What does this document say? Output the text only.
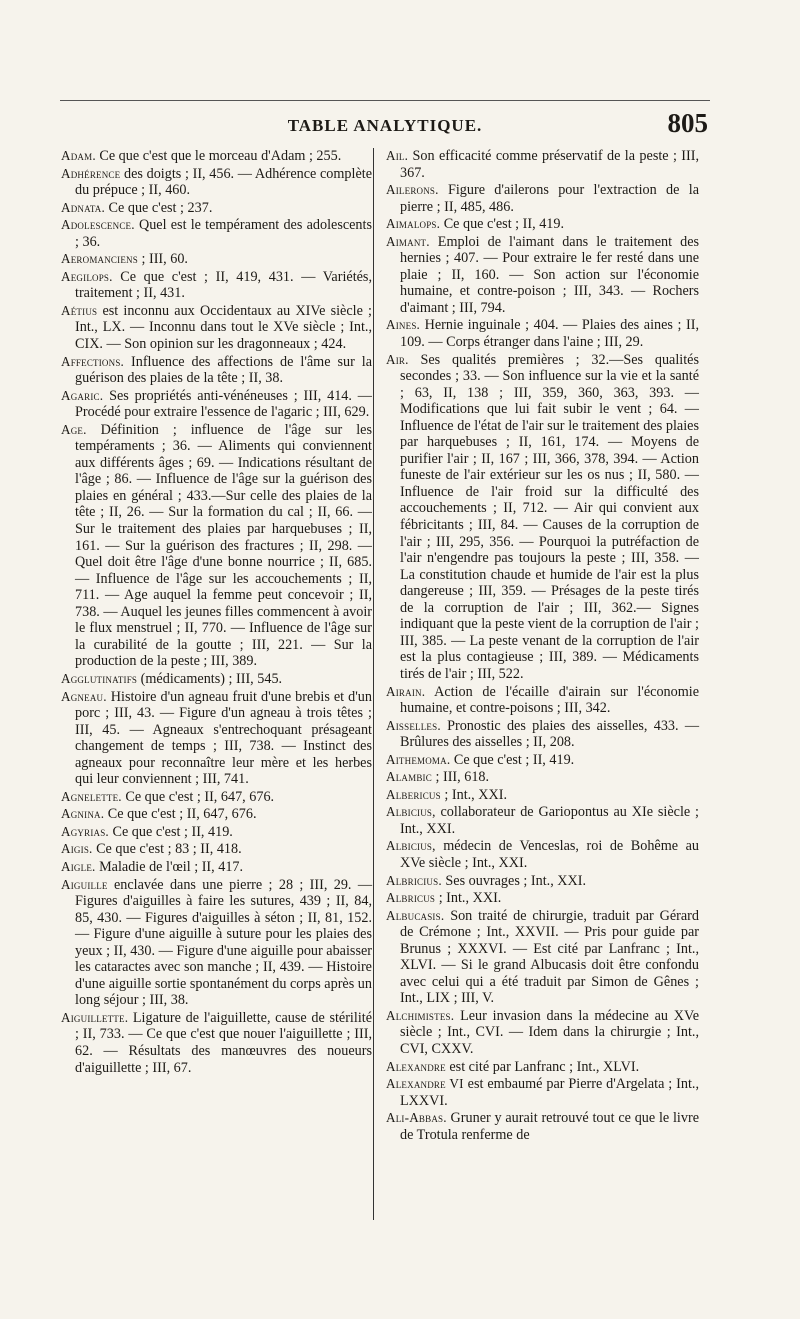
TABLE ANALYTIQUE.	805

Adam. Ce que c'est que le morceau d'Adam ; 255.

Adhérence des doigts ; II, 456. — Adhérence complète du prépuce ; II, 460.

Adnata. Ce que c'est ; 237.

Adolescence. Quel est le tempérament des adolescents ; 36.

Aeromanciens ; III, 60.

Aegilops. Ce que c'est ; II, 419, 431. — Variétés, traitement ; II, 431.

Aétius est inconnu aux Occidentaux au XIVe siècle ; Int., LX. — Inconnu dans tout le XVe siècle ; Int., CIX. — Son opinion sur les dragonneaux ; 424.

Affections. Influence des affections de l'âme sur la guérison des plaies de la tête ; II, 38.

Agaric. Ses propriétés anti-vénéneuses ; III, 414. — Procédé pour extraire l'essence de l'agaric ; III, 629.

Age. Définition ; influence de l'âge sur les tempéraments ; 36. — Aliments qui conviennent aux différents âges ; 69. — Indications résultant de l'âge ; 86. — Influence de l'âge sur la guérison des plaies en général ; 433.—Sur celle des plaies de la tête ; II, 26. — Sur la formation du cal ; II, 66. — Sur le traitement des plaies par harquebuses ; II, 161. — Sur la guérison des fractures ; II, 298. — Quel doit être l'âge d'une bonne nourrice ; II, 685. — Influence de l'âge sur les accouchements ; II, 711. — Age auquel la femme peut concevoir ; II, 738. — Auquel les jeunes filles commencent à avoir le flux menstruel ; II, 770. — Influence de l'âge sur la curabilité de la goutte ; III, 221. — Sur la production de la peste ; III, 389.

Agglutinatifs (médicaments) ; III, 545.

Agneau. Histoire d'un agneau fruit d'une brebis et d'un porc ; III, 43. — Figure d'un agneau à trois têtes ; III, 45. — Agneaux s'entrechoquant présageant changement de temps ; III, 738. — Instinct des agneaux pour reconnaître leur mère et les herbes qui leur conviennent ; III, 741.

Agnelette. Ce que c'est ; II, 647, 676.

Agnina. Ce que c'est ; II, 647, 676.

Agyrias. Ce que c'est ; II, 419.

Aigis. Ce que c'est ; 83 ; II, 418.

Aigle. Maladie de l'œil ; II, 417.

Aiguille enclavée dans une pierre ; 28 ; III, 29. — Figures d'aiguilles à faire les sutures, 439 ; II, 84, 85, 430. — Figures d'aiguilles à séton ; II, 81, 152. — Figure d'une aiguille à suture pour les plaies des yeux ; II, 430. — Figure d'une aiguille pour abaisser les cataractes avec son manche ; II, 439. — Histoire d'une aiguille sortie spontanément du corps après un long séjour ; III, 38.

Aiguillette. Ligature de l'aiguillette, cause de stérilité ; II, 733. — Ce que c'est que nouer l'aiguillette ; III, 62. — Résultats des manœuvres des noueurs d'aiguillette ; III, 67.

Ail. Son efficacité comme préservatif de la peste ; III, 367.

Ailerons. Figure d'ailerons pour l'extraction de la pierre ; II, 485, 486.

Aimalops. Ce que c'est ; II, 419.

Aimant. Emploi de l'aimant dans le traitement des hernies ; 407. — Pour extraire le fer resté dans une plaie ; II, 160. — Son action sur l'économie humaine, et contre-poison ; III, 343. — Rochers d'aimant ; III, 794.

Aines. Hernie inguinale ; 404. — Plaies des aines ; II, 109. — Corps étranger dans l'aine ; III, 29.

Air. Ses qualités premières ; 32.—Ses qualités secondes ; 33. — Son influence sur la vie et la santé ; 63, II, 138 ; III, 359, 360, 363, 393. — Modifications que lui fait subir le vent ; 64. — Influence de l'état de l'air sur le traitement des plaies par harquebuses ; II, 161, 174. — Moyens de purifier l'air ; II, 167 ; III, 366, 378, 394. — Action funeste de l'air extérieur sur les os nus ; II, 580. — Influence de l'air froid sur la difficulté des accouchements ; II, 712. — Air qui convient aux fébricitants ; III, 84. — Causes de la corruption de l'air ; III, 295, 356. — Pourquoi la putréfaction de l'air n'engendre pas toujours la peste ; III, 358. — La constitution chaude et humide de l'air est la plus dangereuse ; III, 359. — Présages de la peste tirés de la corruption de l'air ; III, 362.— Signes indiquant que la peste vient de la corruption de l'air ; III, 385. — La peste venant de la corruption de l'air est la plus contagieuse ; III, 389. — Médicaments tirés de l'air ; III, 522.

Airain. Action de l'écaille d'airain sur l'économie humaine, et contre-poisons ; III, 342.

Aisselles. Pronostic des plaies des aisselles, 433. — Brûlures des aisselles ; II, 208.

Aithemoma. Ce que c'est ; II, 419.

Alambic ; III, 618.

Albericus ; Int., XXI.

Albicius, collaborateur de Gariopontus au XIe siècle ; Int., XXI.

Albicius, médecin de Venceslas, roi de Bohême au XVe siècle ; Int., XXI.

Albricius. Ses ouvrages ; Int., XXI.

Albricus ; Int., XXI.

Albucasis. Son traité de chirurgie, traduit par Gérard de Crémone ; Int., XXVII. — Pris pour guide par Brunus ; XXXVI. — Est cité par Lanfranc ; Int., XLVI. — Si le grand Albucasis doit être confondu avec celui qui a été traduit par Simon de Gênes ; Int., LIX ; III, V.

Alchimistes. Leur invasion dans la médecine au XVe siècle ; Int., CVI. — Idem dans la chirurgie ; Int., CVI, CXXV.

Alexandre est cité par Lanfranc ; Int., XLVI.

Alexandre VI est embaumé par Pierre d'Argelata ; Int., LXXVI.

Ali-Abbas. Gruner y aurait retrouvé tout ce que le livre de Trotula renferme de
